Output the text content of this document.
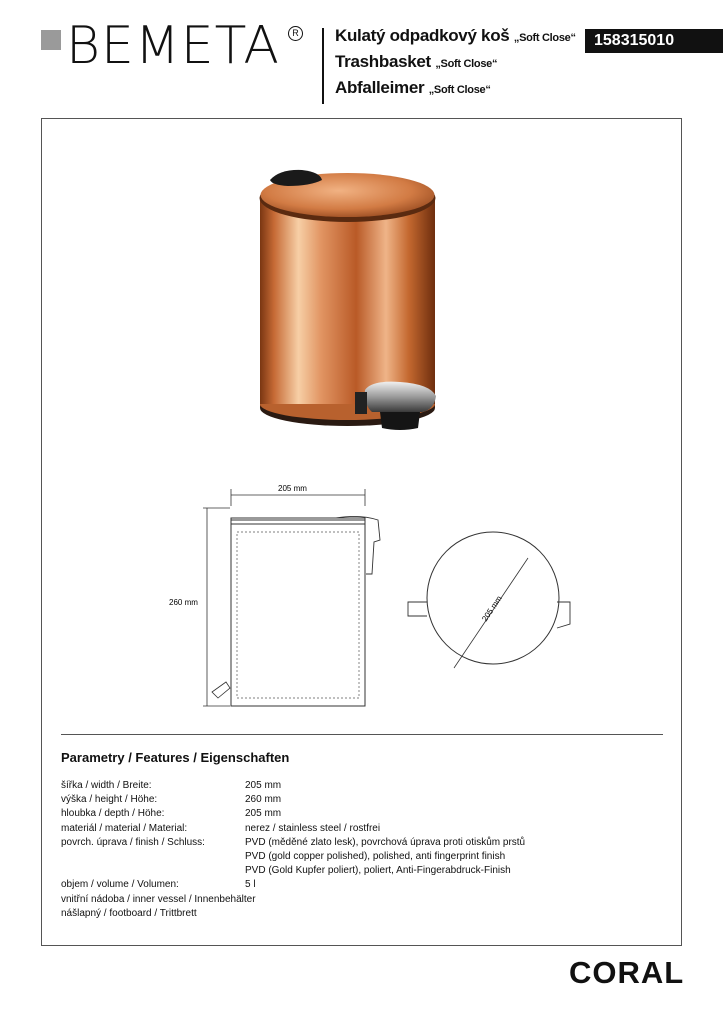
BEMETA	R Kulatý odpadkový koš „Soft Close“
Trashbasket „Soft Close“
Abfalleimer „Soft Close“
158315010
205 mm
260 mm	205 mm
Parametry / Features / Eigenschaften
šířka / width / Breite:	205 mm
výška / height / Höhe:	260 mm
hloubka / depth / Höhe:	205 mm
materiál / material / Material:	nerez / stainless steel / rostfrei
povrch. úprava / finish / Schluss:	PVD (měděné zlato lesk), povrchová úprava proti otiskům prstů
PVD (gold copper polished), polished, anti fingerprint finish
PVD (Gold Kupfer poliert), poliert, Anti-Fingerabdruck-Finish
objem / volume / Volumen:	5 l
vnitřní nádoba / inner vessel / Innenbehälter
nášlapný / footboard / Trittbrett
CORAL
